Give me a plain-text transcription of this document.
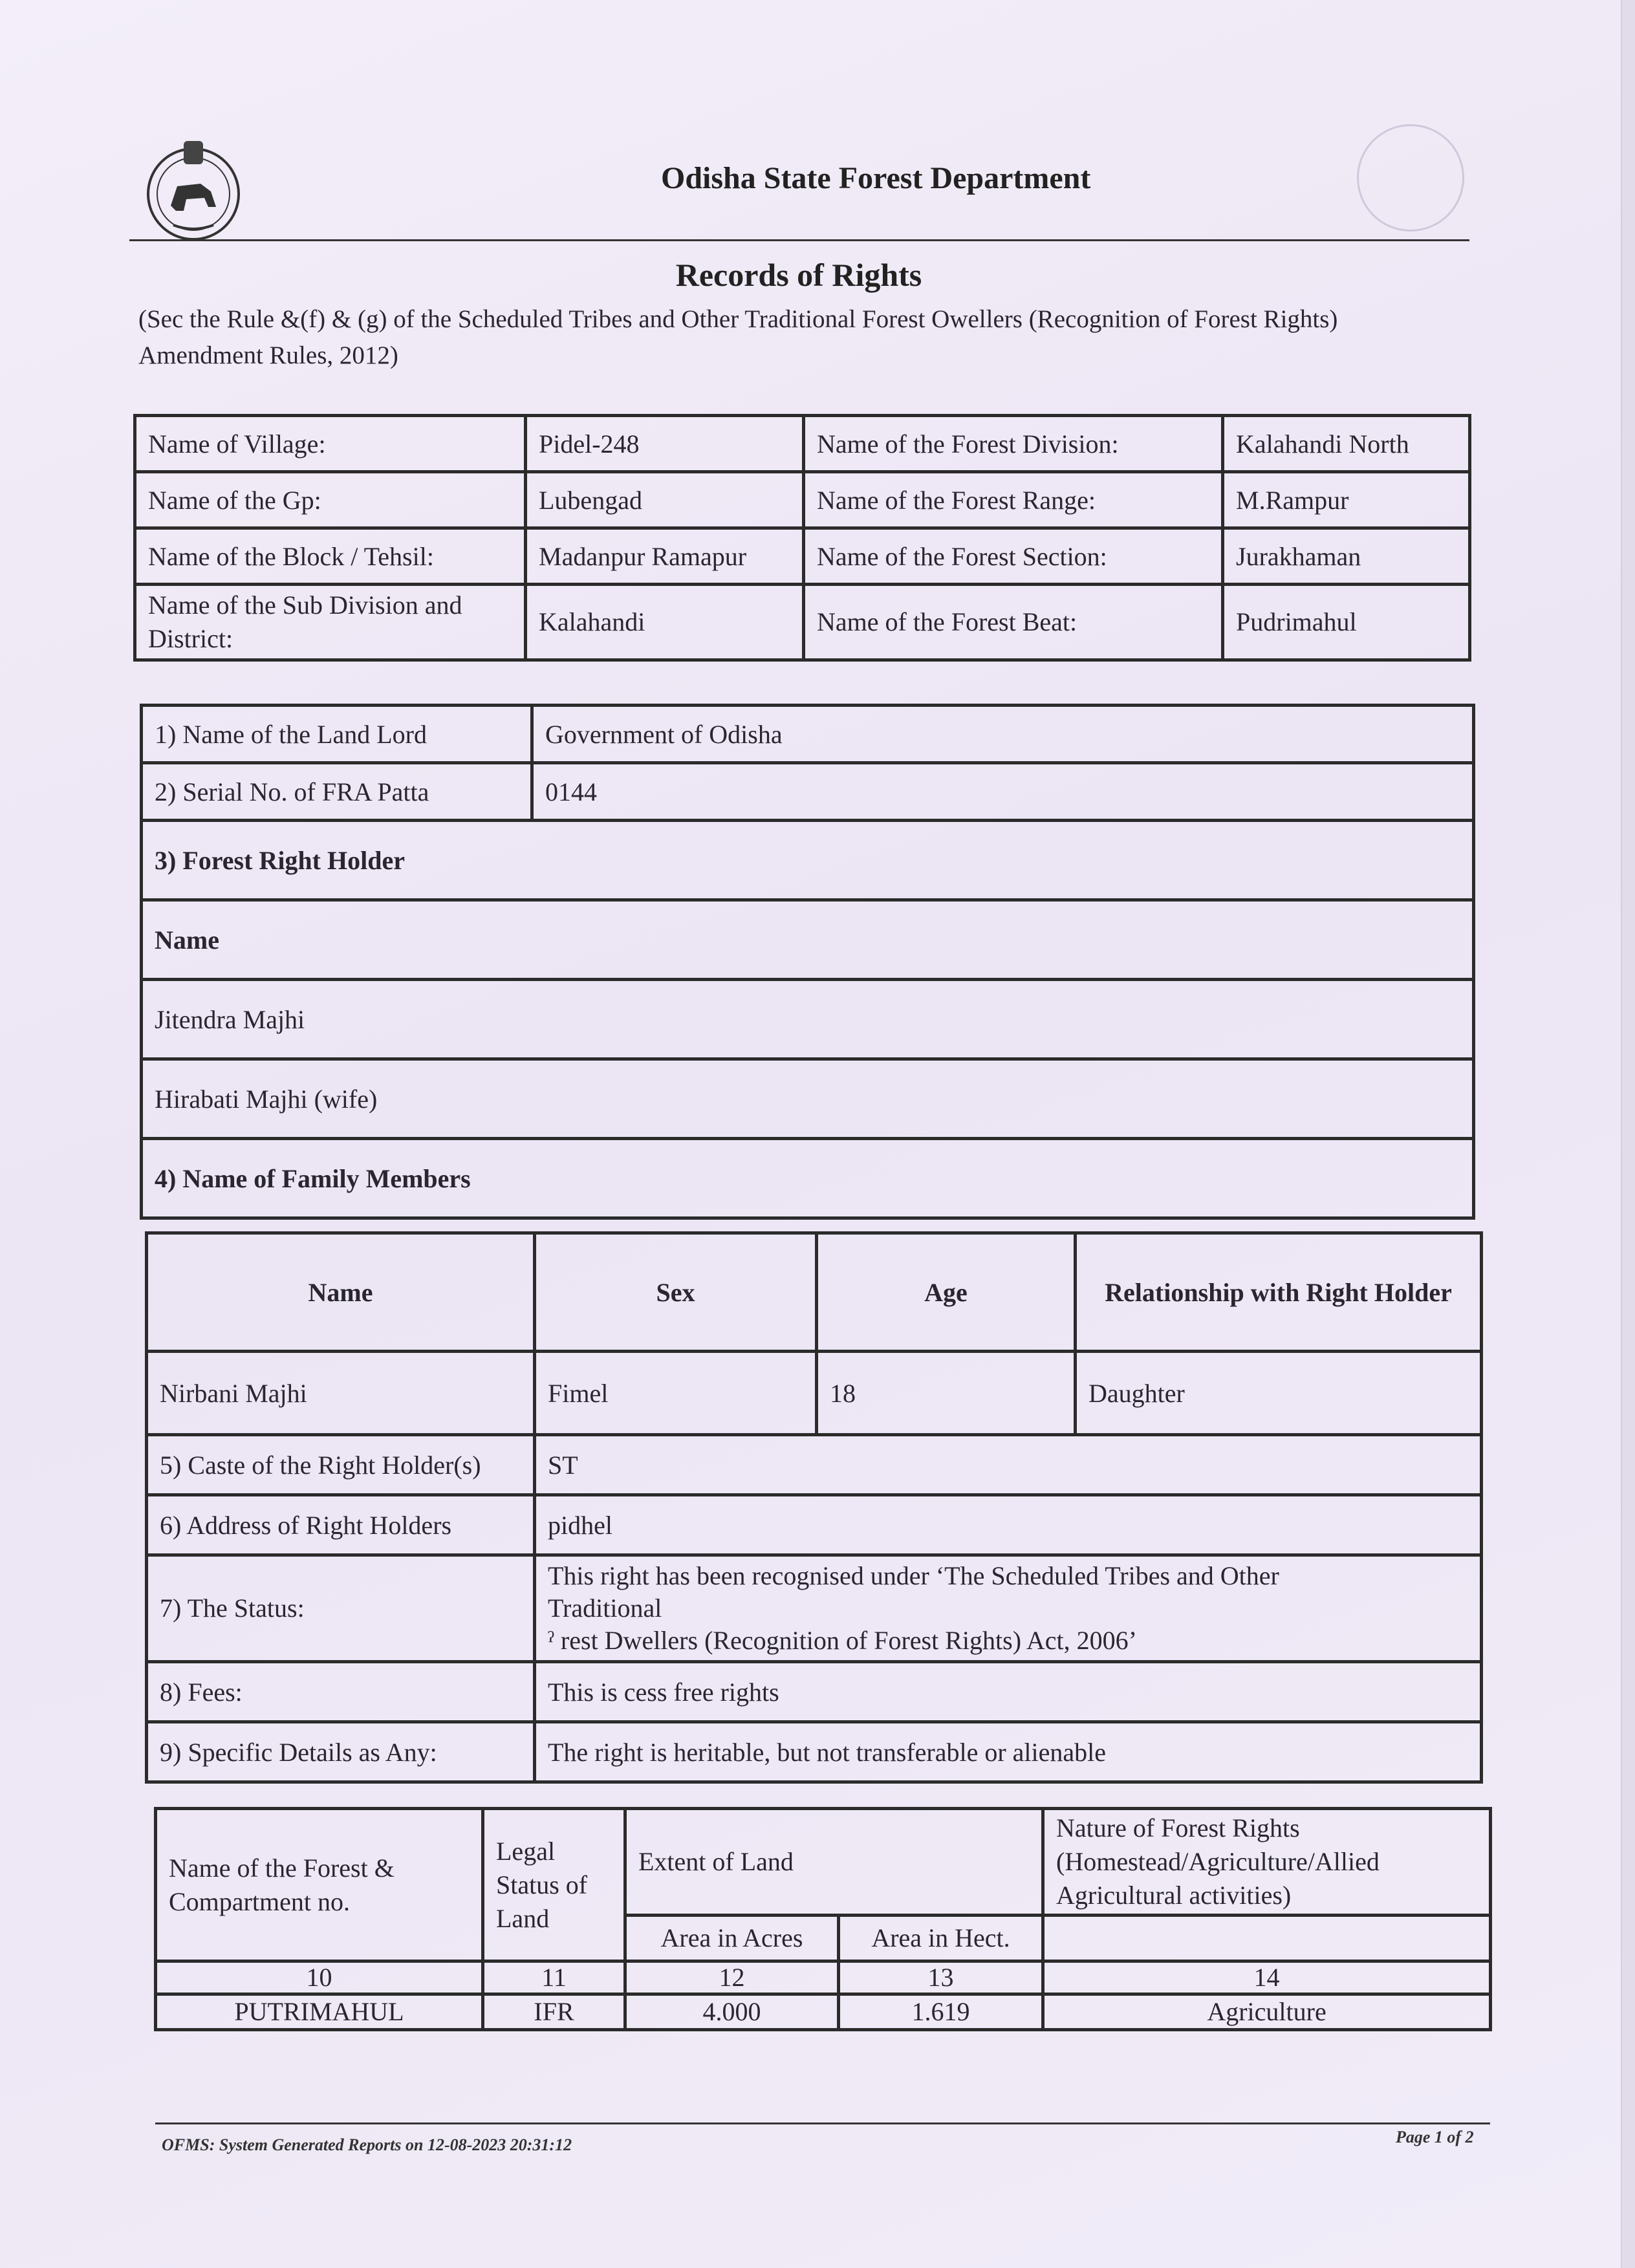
Odisha State Forest Department
Records of Rights
(Sec the Rule &(f) & (g) of the Scheduled Tribes and Other Traditional Forest Owellers (Recognition of Forest Rights) Amendment Rules, 2012)
Name of Village:	Pidel-248	Name of the Forest Division:	Kalahandi North
Name of the Gp:	Lubengad	Name of the Forest Range:	M.Rampur
Name of the Block / Tehsil:	Madanpur Ramapur	Name of the Forest Section:	Jurakhaman
Name of the Sub Division and District:	Kalahandi	Name of the Forest Beat:	Pudrimahul
1) Name of the Land Lord	Government of Odisha
2) Serial No. of FRA Patta	0144
3) Forest Right Holder	
Name	
Jitendra Majhi	
Hirabati Majhi (wife)	
4) Name of Family Members	
Name	Sex	Age	Relationship with Right Holder
Nirbani Majhi	Fimel	18	Daughter
5) Caste of the Right Holder(s)	ST		
6) Address of Right Holders	pidhel		
7) The Status:	This right has been recognised under ‘The Scheduled Tribes and Other
Traditional
ˀ rest Dwellers (Recognition of Forest Rights) Act, 2006’		

8) Fees:	This is cess free rights		
9) Specific Details as Any:	The right is heritable, but not transferable or alienable		
Name of the Forest & Compartment no.	Legal Status of Land	Extent of Land		Nature of Forest Rights (Homestead/Agriculture/Allied Agricultural activities)
		Area in Acres	Area in Hect.	
10	11	12	13	14
PUTRIMAHUL	IFR	4.000	1.619	Agriculture
OFMS: System Generated Reports on 12-08-2023 20:31:12	Page 1 of 2
